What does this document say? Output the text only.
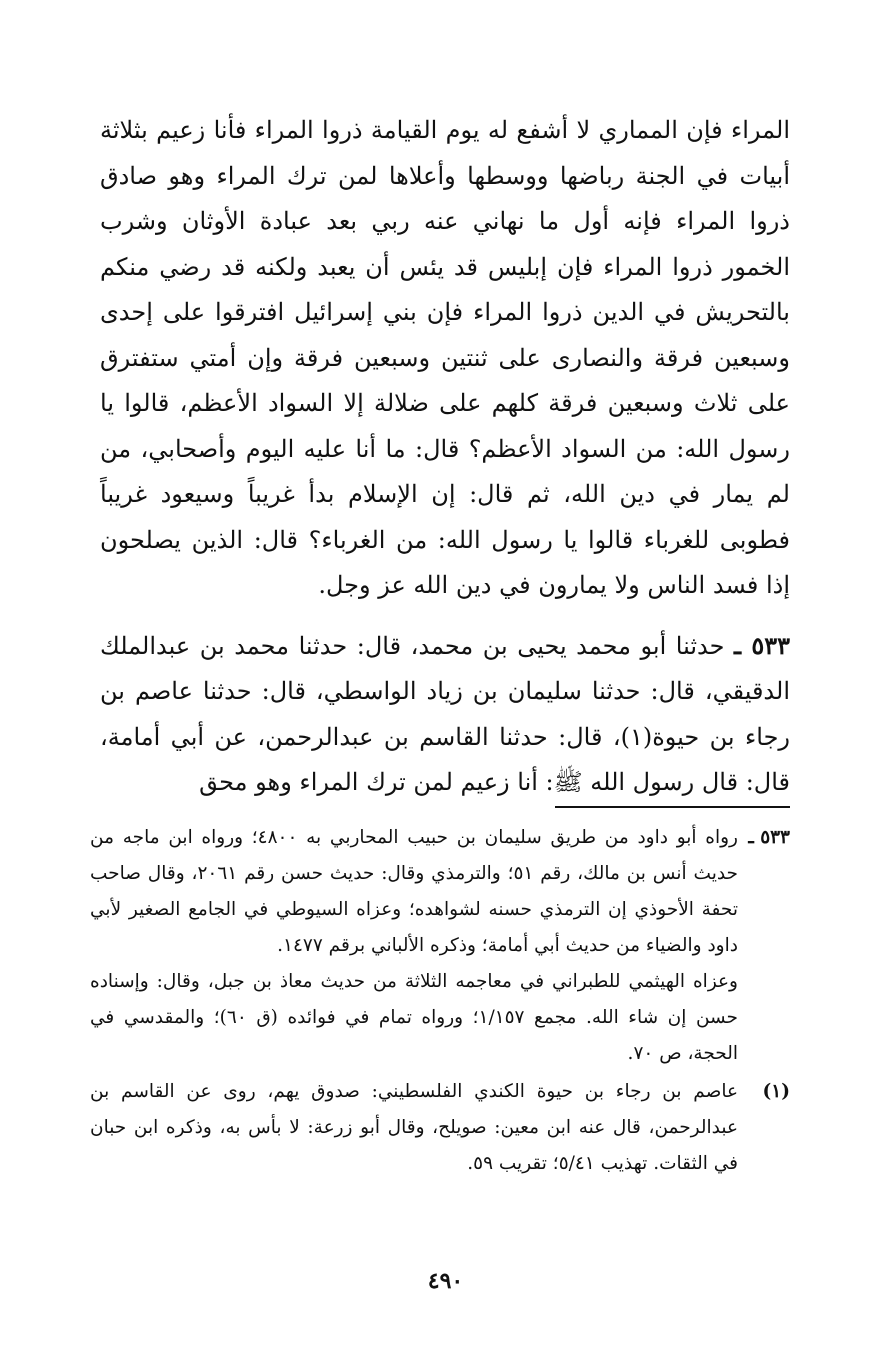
المراء فإن المماري لا أشفع له يوم القيامة ذروا المراء فأنا زعيم بثلاثة أبيات في الجنة رباضها ووسطها وأعلاها لمن ترك المراء وهو صادق ذروا المراء فإنه أول ما نهاني عنه ربي بعد عبادة الأوثان وشرب الخمور ذروا المراء فإن إبليس قد يئس أن يعبد ولكنه قد رضي منكم بالتحريش في الدين ذروا المراء فإن بني إسرائيل افترقوا على إحدى وسبعين فرقة والنصارى على ثنتين وسبعين فرقة وإن أمتي ستفترق على ثلاث وسبعين فرقة كلهم على ضلالة إلا السواد الأعظم، قالوا يا رسول الله: من السواد الأعظم؟ قال: ما أنا عليه اليوم وأصحابي، من لم يمار في دين الله، ثم قال: إن الإسلام بدأ غريباً وسيعود غريباً فطوبى للغرباء قالوا يا رسول الله: من الغرباء؟ قال: الذين يصلحون إذا فسد الناس ولا يمارون في دين الله عز وجل.

٥٣٣ ـ حدثنا أبو محمد يحيى بن محمد، قال: حدثنا محمد بن عبدالملك الدقيقي، قال: حدثنا سليمان بن زياد الواسطي، قال: حدثنا عاصم بن رجاء بن حيوة(١)، قال: حدثنا القاسم بن عبدالرحمن، عن أبي أمامة، قال: قال رسول الله ﷺ: أنا زعيم لمن ترك المراء وهو محق

٥٣٣ ـ
رواه أبو داود من طريق سليمان بن حبيب المحاربي به ٤٨٠٠؛ ورواه ابن ماجه من حديث أنس بن مالك، رقم ٥١؛ والترمذي وقال: حديث حسن رقم ٢٠٦١، وقال صاحب تحفة الأحوذي إن الترمذي حسنه لشواهده؛ وعزاه السيوطي في الجامع الصغير لأبي داود والضياء من حديث أبي أمامة؛ وذكره الألباني برقم ١٤٧٧.
وعزاه الهيثمي للطبراني في معاجمه الثلاثة من حديث معاذ بن جبل، وقال: وإسناده حسن إن شاء الله. مجمع ١/١٥٧؛ ورواه تمام في فوائده (ق ٦٠)؛ والمقدسي في الحجة، ص ٧٠.
(١)
عاصم بن رجاء بن حيوة الكندي الفلسطيني: صدوق يهم، روى عن القاسم بن عبدالرحمن، قال عنه ابن معين: صويلح، وقال أبو زرعة: لا بأس به، وذكره ابن حبان في الثقات. تهذيب ٥/٤١؛ تقريب ٥٩.
٤٩٠
